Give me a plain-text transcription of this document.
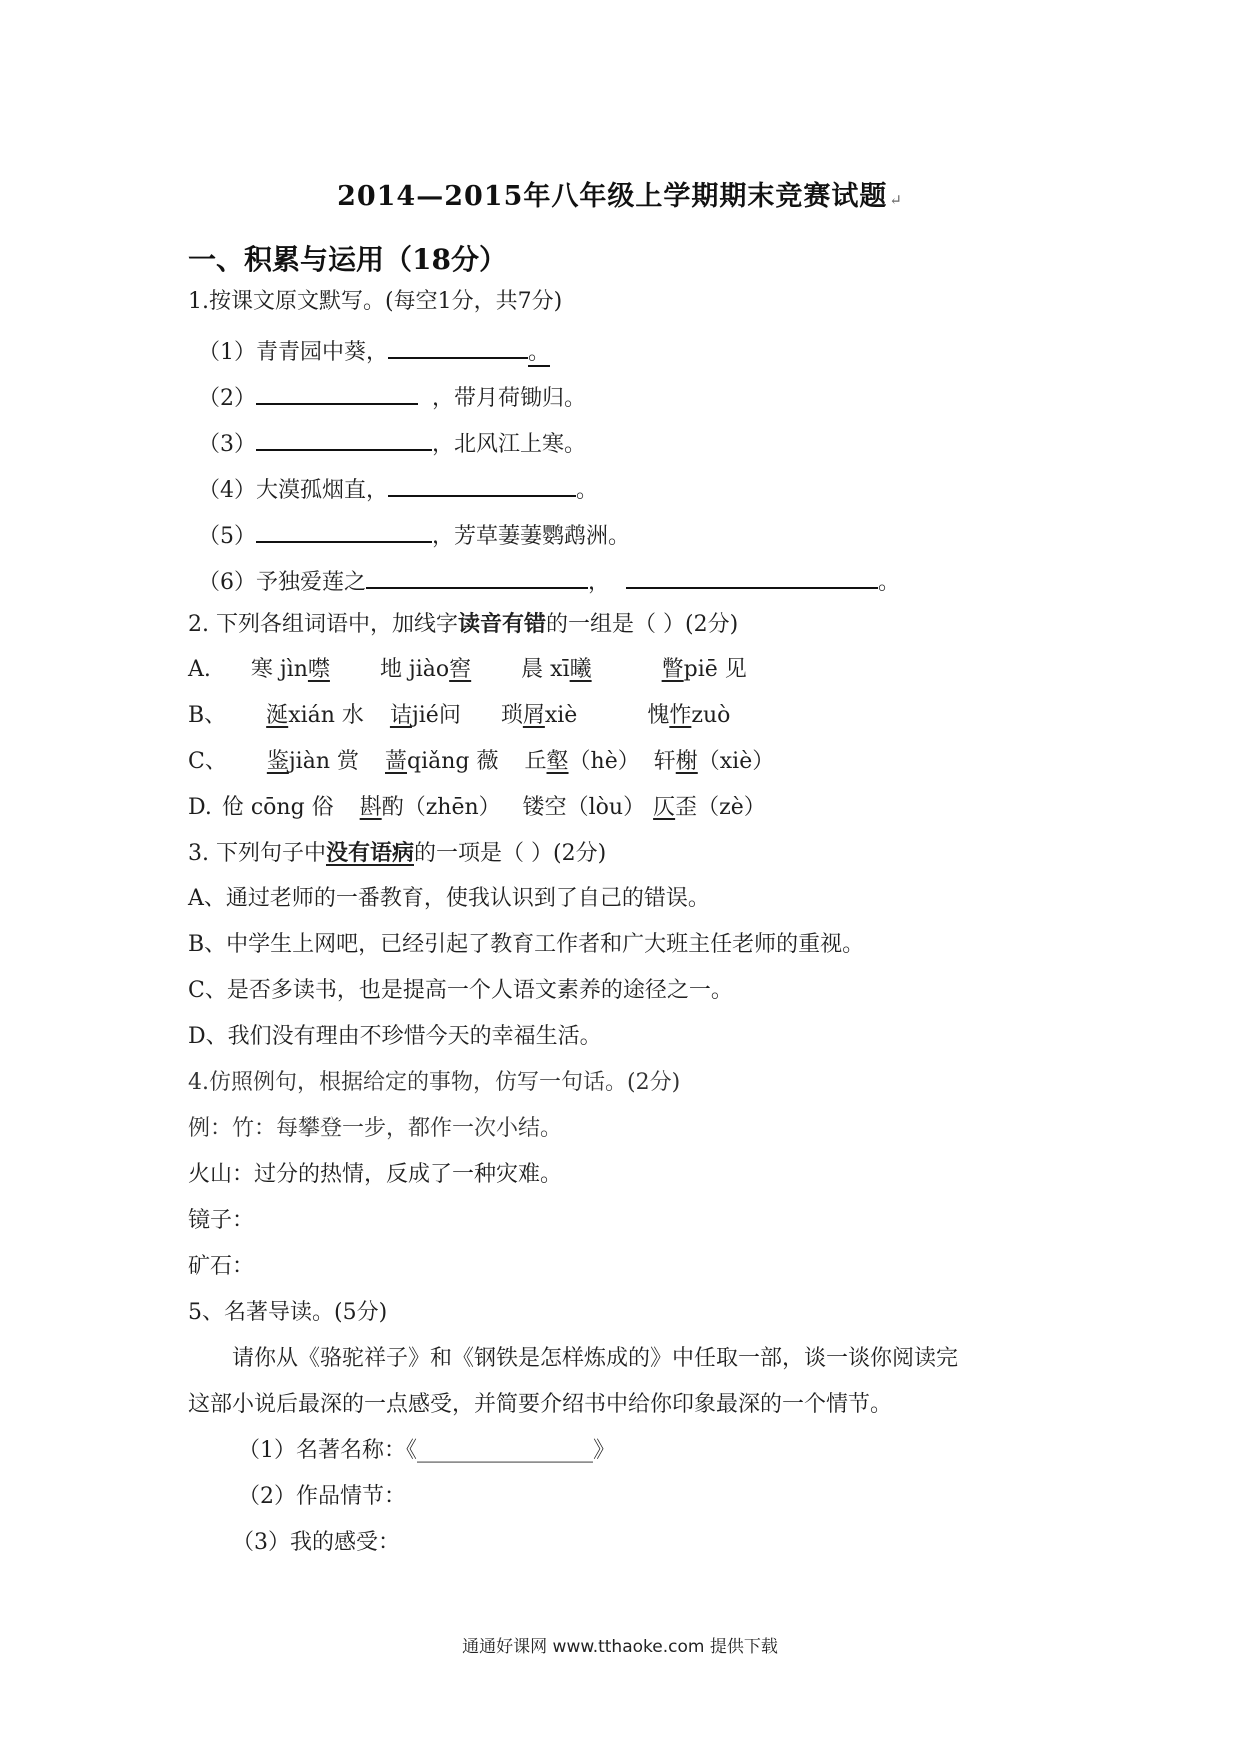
2014—2015年八年级上学期期末竞赛试题 ↵
一、积累与运用（18分）
1.按课文原文默写。(每空1分，共7分)
（1）青青园中葵，	。
（2）	，带月荷锄归。
（3）	，北风江上寒。
（4）大漠孤烟直，	。
（5）	，芳草萋萋鹦鹉洲。
（6）予独爱莲之	，	。
2. 下列各组词语中，加线字读音有错的一组是（ ）(2分)
A. 寒 jìn噤 地 jiào窖 晨 xī曦	瞥piē 见
B、 涎xián 水 诘jié问 琐屑xiè	愧怍zuò
C、 鉴jiàn 赏 蔷qiǎng 薇 丘壑（hè） 轩榭（xiè）
D. 伧 cōng 俗 斟酌（zhēn） 镂空（lòu） 仄歪（zè）
3. 下列句子中没有语病的一项是（ ）(2分)
A、通过老师的一番教育，使我认识到了自己的错误。
B、中学生上网吧，已经引起了教育工作者和广大班主任老师的重视。
C、是否多读书，也是提高一个人语文素养的途径之一。
D、我们没有理由不珍惜今天的幸福生活。
4.仿照例句，根据给定的事物，仿写一句话。(2分)
例：竹：每攀登一步，都作一次小结。
火山：过分的热情，反成了一种灾难。
镜子：
矿石：
5、名著导读。(5分)
请你从《骆驼祥子》和《钢铁是怎样炼成的》中任取一部，谈一谈你阅读完
这部小说后最深的一点感受，并简要介绍书中给你印象最深的一个情节。
（1）名著名称：《________________》
（2）作品情节：
（3）我的感受：
通通好课网 www.tthaoke.com 提供下载
